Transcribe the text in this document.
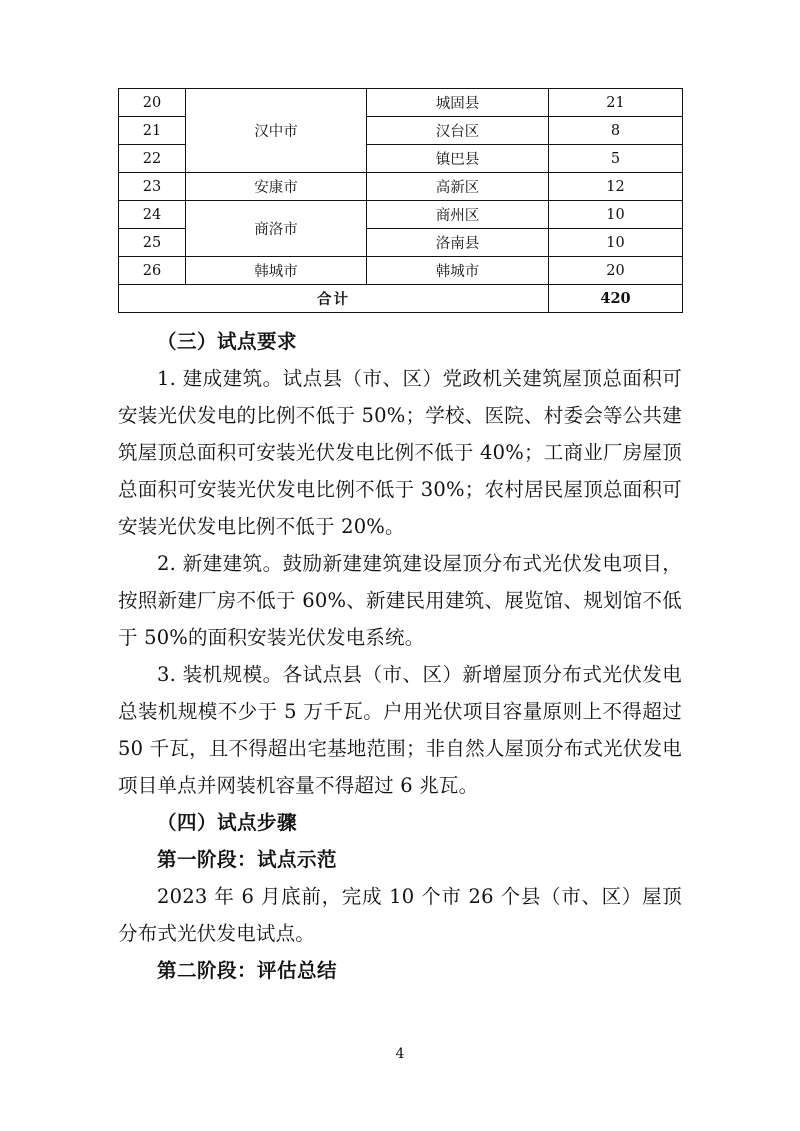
20	汉中市	城固县	21
21		汉台区	8
22		镇巴县	5
23	安康市	高新区	12
24	商洛市	商州区	10
25		洛南县	10
26	韩城市	韩城市	20
合计			420

（三）试点要求

1. 建成建筑。试点县（市、区）党政机关建筑屋顶总面积可安装光伏发电的比例不低于 50%；学校、医院、村委会等公共建筑屋顶总面积可安装光伏发电比例不低于 40%；工商业厂房屋顶总面积可安装光伏发电比例不低于 30%；农村居民屋顶总面积可安装光伏发电比例不低于 20%。

2. 新建建筑。鼓励新建建筑建设屋顶分布式光伏发电项目，按照新建厂房不低于 60%、新建民用建筑、展览馆、规划馆不低于 50%的面积安装光伏发电系统。

3. 装机规模。各试点县（市、区）新增屋顶分布式光伏发电总装机规模不少于 5 万千瓦。户用光伏项目容量原则上不得超过 50 千瓦，且不得超出宅基地范围；非自然人屋顶分布式光伏发电项目单点并网装机容量不得超过 6 兆瓦。

（四）试点步骤

第一阶段：试点示范

2023 年 6 月底前，完成 10 个市 26 个县（市、区）屋顶分布式光伏发电试点。

第二阶段：评估总结

4
